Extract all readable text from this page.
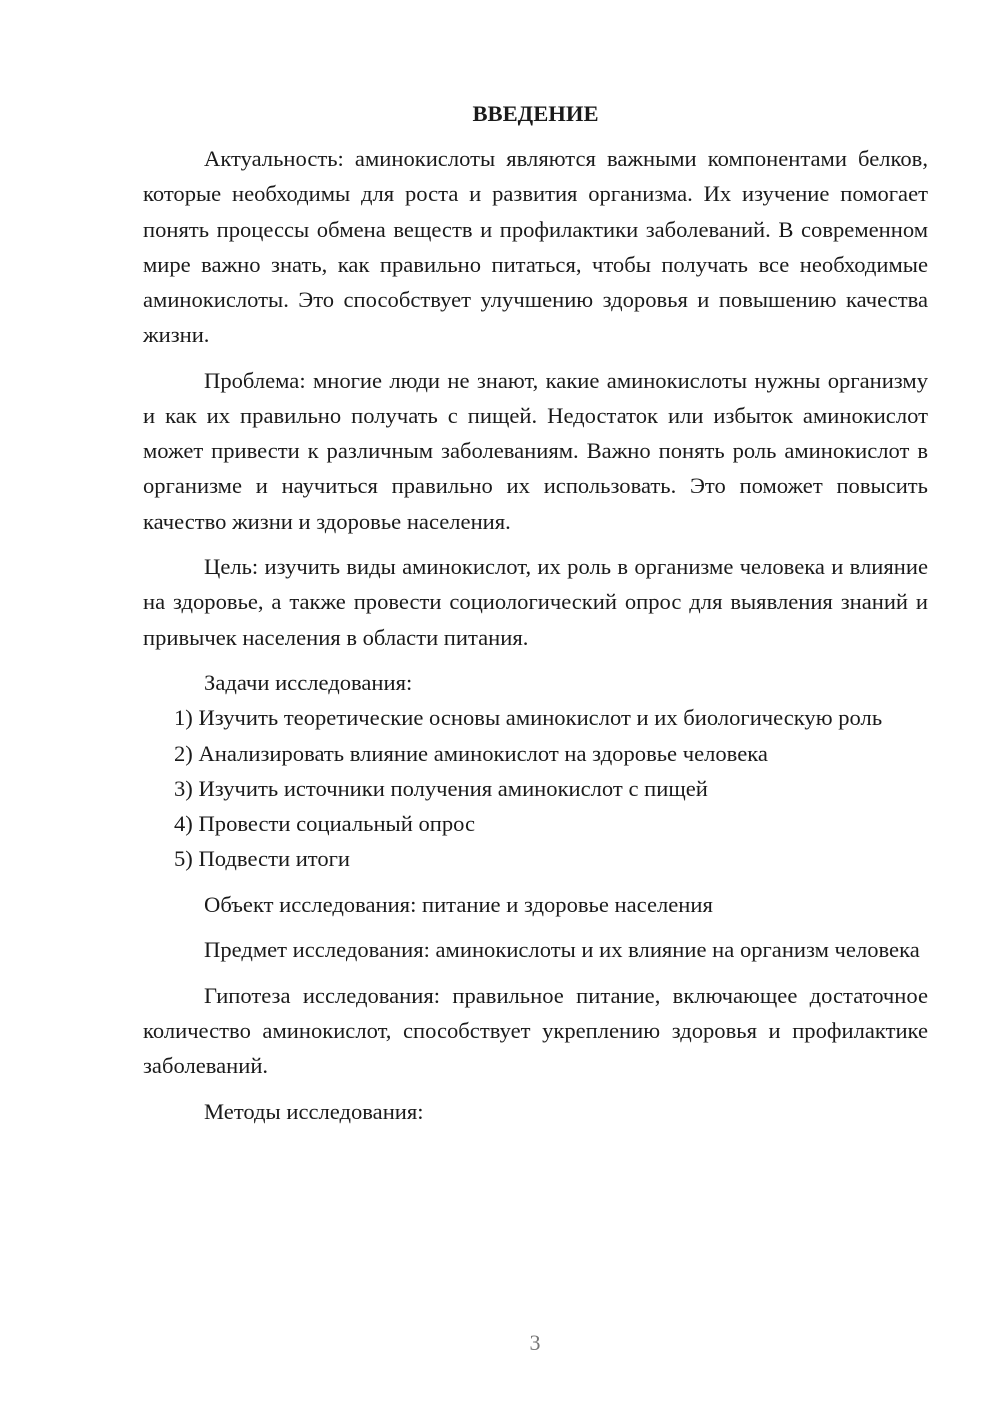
ВВЕДЕНИЕ

Актуальность: аминокислоты являются важными компонентами белков, которые необходимы для роста и развития организма. Их изучение помогает понять процессы обмена веществ и профилактики заболеваний. В современном мире важно знать, как правильно питаться, чтобы получать все необходимые аминокислоты. Это способствует улучшению здоровья и повышению качества жизни.

Проблема: многие люди не знают, какие аминокислоты нужны организму и как их правильно получать с пищей. Недостаток или избыток аминокислот может привести к различным заболеваниям. Важно понять роль аминокислот в организме и научиться правильно их использовать. Это поможет повысить качество жизни и здоровье населения.

Цель: изучить виды аминокислот, их роль в организме человека и влияние на здоровье, а также провести социологический опрос для выявления знаний и привычек населения в области питания.

Задачи исследования:

1) Изучить теоретические основы аминокислот и их биологическую роль

2) Анализировать влияние аминокислот на здоровье человека

3) Изучить источники получения аминокислот с пищей

4) Провести социальный опрос

5) Подвести итоги

Объект исследования: питание и здоровье населения

Предмет исследования: аминокислоты и их влияние на организм человека

Гипотеза исследования: правильное питание, включающее достаточное количество аминокислот, способствует укреплению здоровья и профилактике заболеваний.

Методы исследования:

3
